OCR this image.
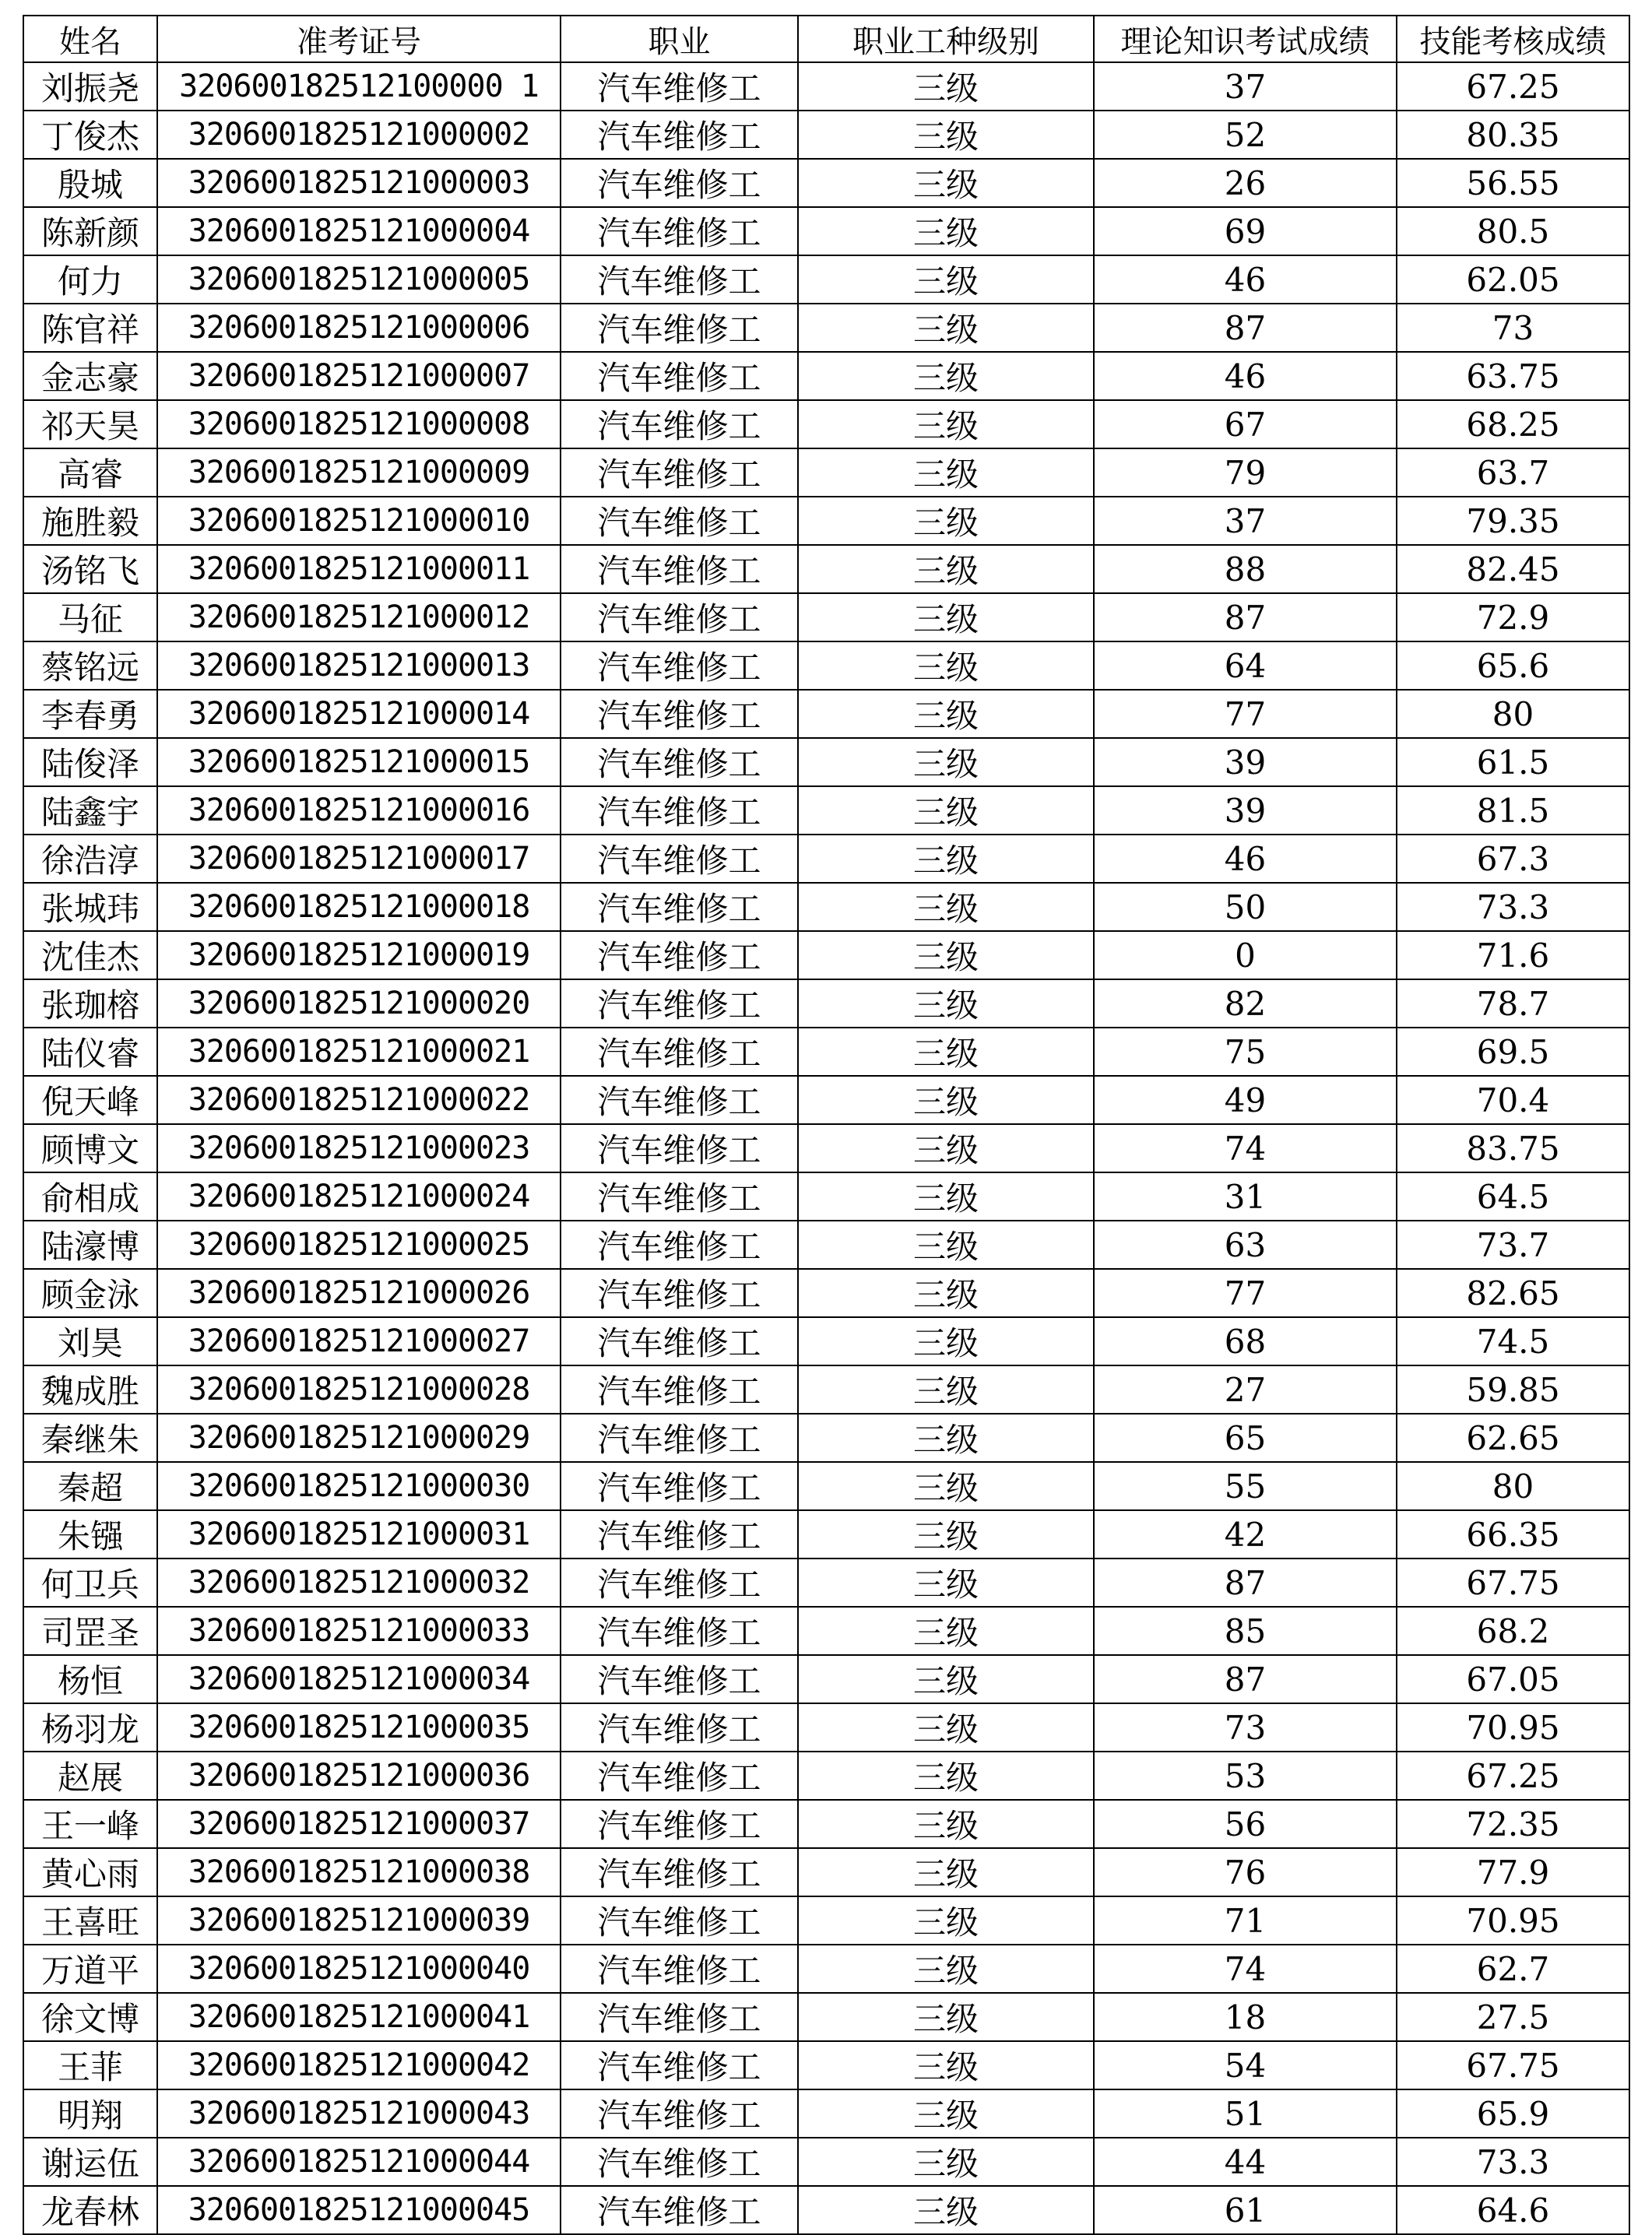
姓名	准考证号	职业	职业工种级别	理论知识考试成绩	技能考核成绩
刘振尧	320600182512100000 1	汽车维修工	三级	37	67.25
丁俊杰	3206001825121000002	汽车维修工	三级	52	80.35
殷城	3206001825121000003	汽车维修工	三级	26	56.55
陈新颜	3206001825121000004	汽车维修工	三级	69	80.5
何力	3206001825121000005	汽车维修工	三级	46	62.05
陈官祥	3206001825121000006	汽车维修工	三级	87	73
金志豪	3206001825121000007	汽车维修工	三级	46	63.75
祁天昊	3206001825121000008	汽车维修工	三级	67	68.25
高睿	3206001825121000009	汽车维修工	三级	79	63.7
施胜毅	3206001825121000010	汽车维修工	三级	37	79.35
汤铭飞	3206001825121000011	汽车维修工	三级	88	82.45
马征	3206001825121000012	汽车维修工	三级	87	72.9
蔡铭远	3206001825121000013	汽车维修工	三级	64	65.6
李春勇	3206001825121000014	汽车维修工	三级	77	80
陆俊泽	3206001825121000015	汽车维修工	三级	39	61.5
陆鑫宇	3206001825121000016	汽车维修工	三级	39	81.5
徐浩淳	3206001825121000017	汽车维修工	三级	46	67.3
张城玮	3206001825121000018	汽车维修工	三级	50	73.3
沈佳杰	3206001825121000019	汽车维修工	三级	0	71.6
张珈榕	3206001825121000020	汽车维修工	三级	82	78.7
陆仪睿	3206001825121000021	汽车维修工	三级	75	69.5
倪天峰	3206001825121000022	汽车维修工	三级	49	70.4
顾博文	3206001825121000023	汽车维修工	三级	74	83.75
俞相成	3206001825121000024	汽车维修工	三级	31	64.5
陆濠博	3206001825121000025	汽车维修工	三级	63	73.7
顾金泳	3206001825121000026	汽车维修工	三级	77	82.65
刘昊	3206001825121000027	汽车维修工	三级	68	74.5
魏成胜	3206001825121000028	汽车维修工	三级	27	59.85
秦继朱	3206001825121000029	汽车维修工	三级	65	62.65
秦超	3206001825121000030	汽车维修工	三级	55	80
朱镪	3206001825121000031	汽车维修工	三级	42	66.35
何卫兵	3206001825121000032	汽车维修工	三级	87	67.75
司罡圣	3206001825121000033	汽车维修工	三级	85	68.2
杨恒	3206001825121000034	汽车维修工	三级	87	67.05
杨羽龙	3206001825121000035	汽车维修工	三级	73	70.95
赵展	3206001825121000036	汽车维修工	三级	53	67.25
王一峰	3206001825121000037	汽车维修工	三级	56	72.35
黄心雨	3206001825121000038	汽车维修工	三级	76	77.9
王喜旺	3206001825121000039	汽车维修工	三级	71	70.95
万道平	3206001825121000040	汽车维修工	三级	74	62.7
徐文博	3206001825121000041	汽车维修工	三级	18	27.5
王菲	3206001825121000042	汽车维修工	三级	54	67.75
明翔	3206001825121000043	汽车维修工	三级	51	65.9
谢运伍	3206001825121000044	汽车维修工	三级	44	73.3
龙春林	3206001825121000045	汽车维修工	三级	61	64.6
